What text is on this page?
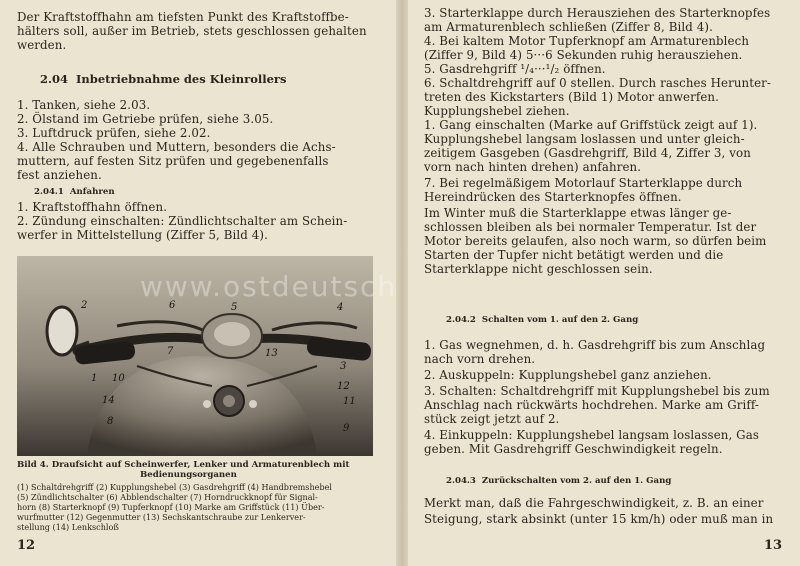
Der Kraftstoffhahn am tiefsten Punkt des Kraftstoffbe-
hälters soll, außer im Betrieb, stets geschlossen gehalten
werden.
2.04 Inbetriebnahme des Kleinrollers
1. Tanken, siehe 2.03.
2. Ölstand im Getriebe prüfen, siehe 3.05.
3. Luftdruck prüfen, siehe 2.02.
4. Alle Schrauben und Muttern, besonders die Achs-
muttern, auf festen Sitz prüfen und gegebenenfalls
fest anziehen.
2.04.1 Anfahren
1. Kraftstoffhahn öffnen.
2. Zündung einschalten: Zündlichtschalter am Schein-
werfer in Mittelstellung (Ziffer 5, Bild 4).
2	6	5	4
7	13
1 10
3
14
12
11
8
9
www.ostdeutsch
Bild 4. Draufsicht auf Scheinwerfer, Lenker und Armaturenblech mit
Bedienungsorganen
(1) Schaltdrehgriff (2) Kupplungshebel (3) Gasdrehgriff (4) Handbremshebel
(5) Zündlichtschalter (6) Abblendschalter (7) Horndruckknopf für Signal-
horn (8) Starterknopf (9) Tupferknopf (10) Marke am Griffstück (11) Über-
wurfmutter (12) Gegenmutter (13) Sechskantschraube zur Lenkerver-
stellung (14) Lenkschloß
12
3. Starterklappe durch Herausziehen des Starterknopfes
am Armaturenblech schließen (Ziffer 8, Bild 4).
4. Bei kaltem Motor Tupferknopf am Armaturenblech
(Ziffer 9, Bild 4) 5···6 Sekunden ruhig herausziehen.
5. Gasdrehgriff ¹/₄···¹/₂ öffnen.
6. Schaltdrehgriff auf 0 stellen. Durch rasches Herunter-
treten des Kickstarters (Bild 1) Motor anwerfen.
Kupplungshebel ziehen.
1. Gang einschalten (Marke auf Griffstück zeigt auf 1).
Kupplungshebel langsam loslassen und unter gleich-
zeitigem Gasgeben (Gasdrehgriff, Bild 4, Ziffer 3, von
vorn nach hinten drehen) anfahren.
7. Bei regelmäßigem Motorlauf Starterklappe durch
Hereindrücken des Starterknopfes öffnen.
Im Winter muß die Starterklappe etwas länger ge-
schlossen bleiben als bei normaler Temperatur. Ist der
Motor bereits gelaufen, also noch warm, so dürfen beim
Starten der Tupfer nicht betätigt werden und die
Starterklappe nicht geschlossen sein.
2.04.2 Schalten vom 1. auf den 2. Gang
1. Gas wegnehmen, d. h. Gasdrehgriff bis zum Anschlag
nach vorn drehen.
2. Auskuppeln: Kupplungshebel ganz anziehen.
3. Schalten: Schaltdrehgriff mit Kupplungshebel bis zum
Anschlag nach rückwärts hochdrehen. Marke am Griff-
stück zeigt jetzt auf 2.
4. Einkuppeln: Kupplungshebel langsam loslassen, Gas
geben. Mit Gasdrehgriff Geschwindigkeit regeln.
2.04.3 Zurückschalten vom 2. auf den 1. Gang
Merkt man, daß die Fahrgeschwindigkeit, z. B. an einer
Steigung, stark absinkt (unter 15 km/h) oder muß man in
13
